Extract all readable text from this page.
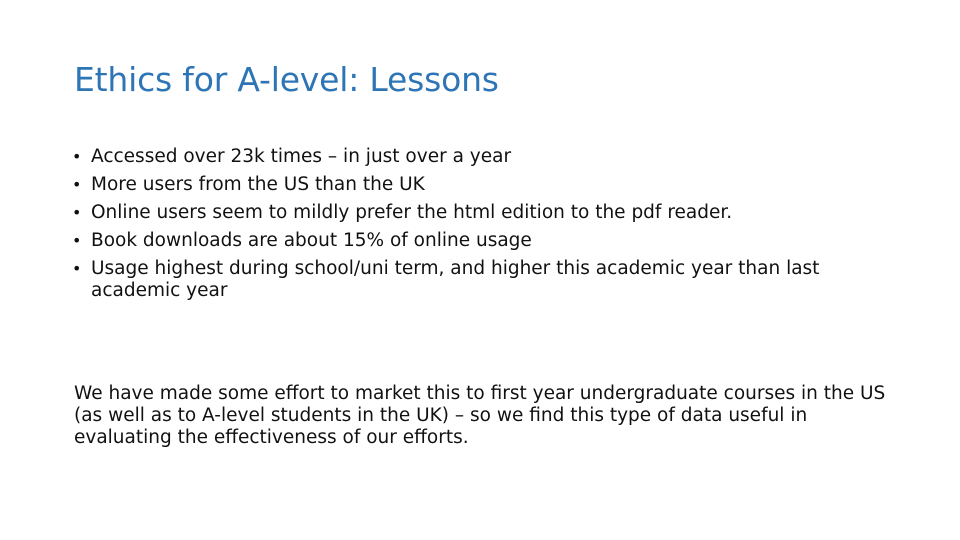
Ethics for A-level: Lessons
• Accessed over 23k times – in just over a year
• More users from the US than the UK
• Online users seem to mildly prefer the html edition to the pdf reader.
• Book downloads are about 15% of online usage
• Usage highest during school/uni term, and higher this academic year than last academic year

We have made some effort to market this to first year undergraduate courses in the US (as well as to A-level students in the UK) – so we find this type of data useful in evaluating the effectiveness of our efforts.
